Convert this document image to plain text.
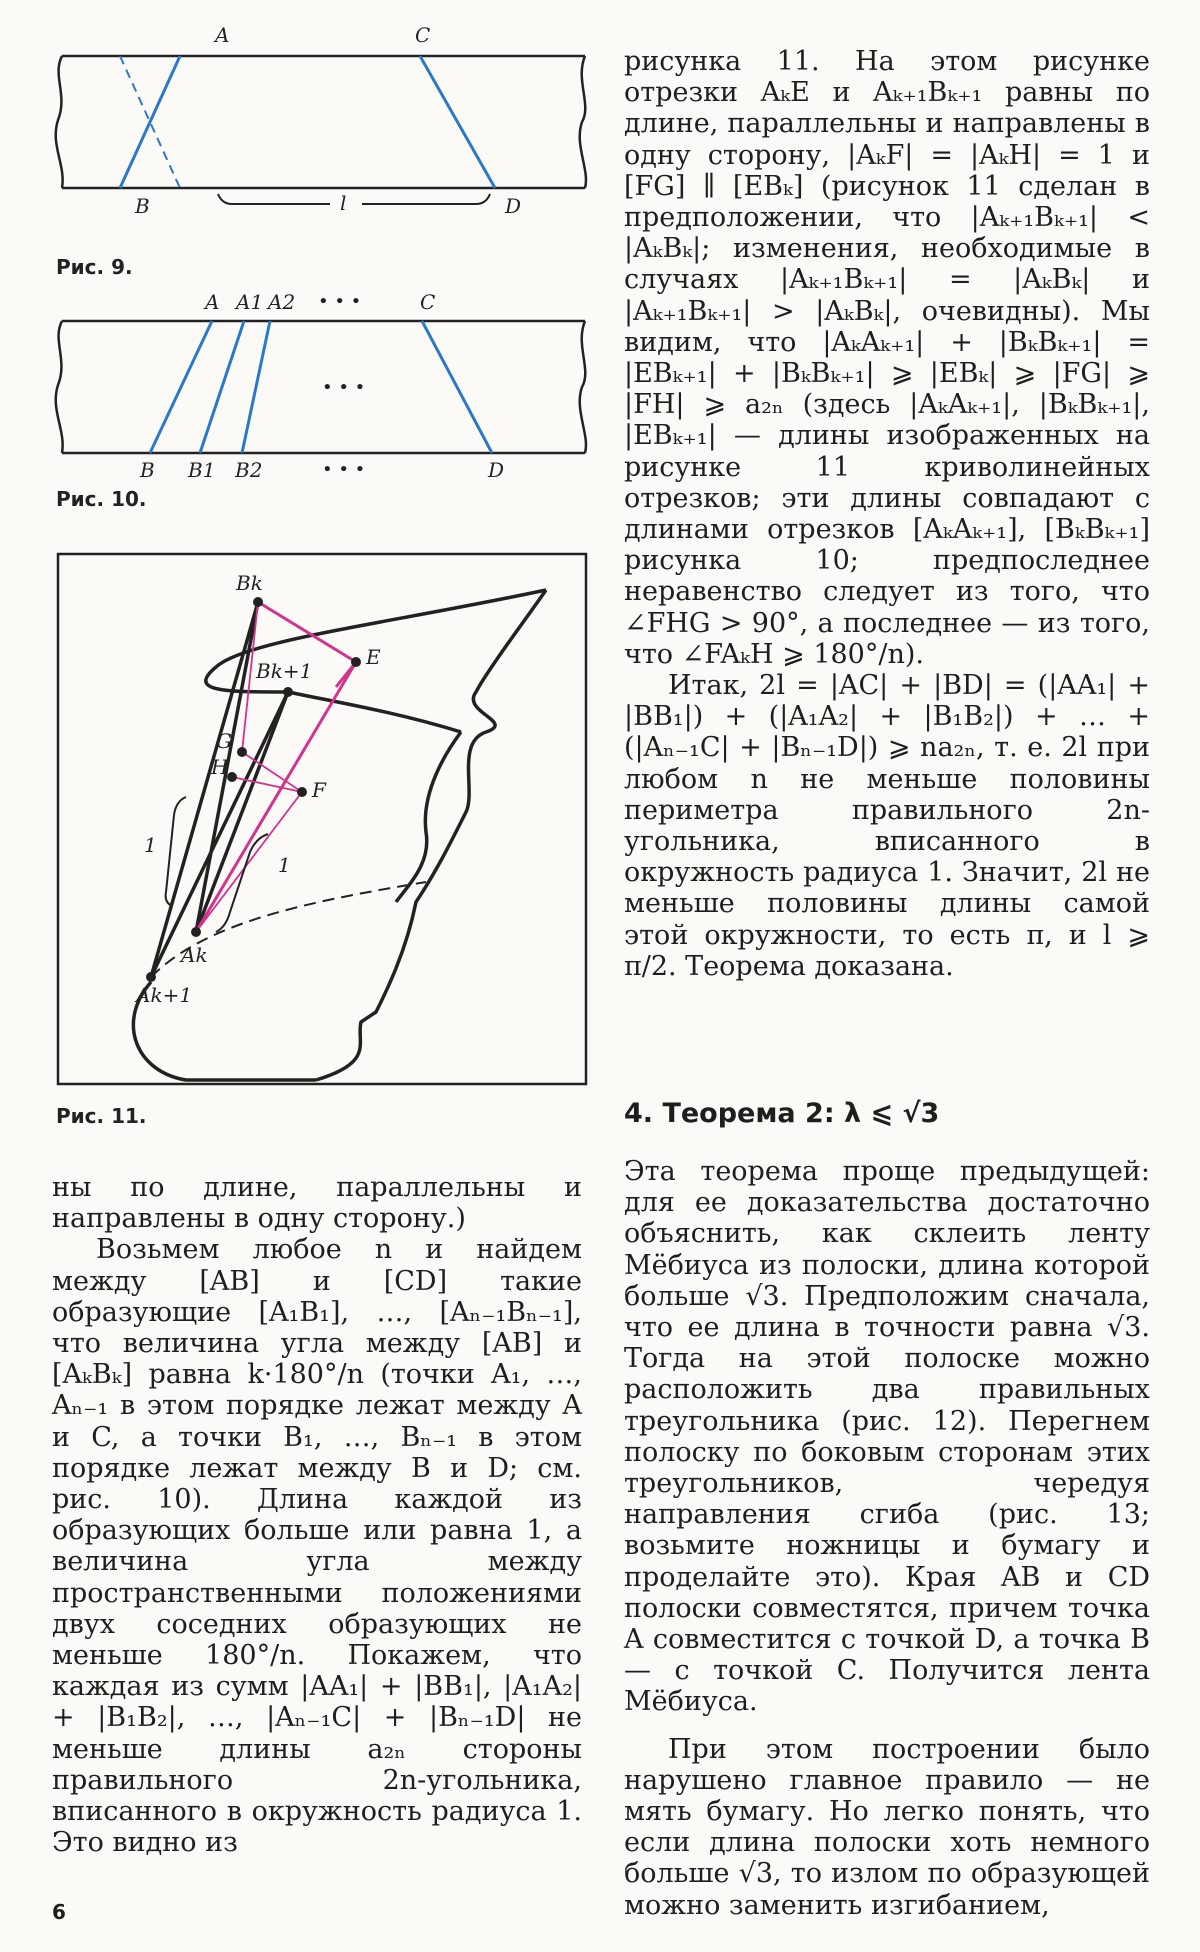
A	C
B	D
l
Рис. 9.
A A1 A2 • • •
• • •
• • •
C
B B1 B2	D
Рис. 10.
Bk
Bk+1
E
G
H
F
1
1
Ak
Ak+1
Рис. 11.

ны по длине, параллельны и направлены в одну сторону.)

Возьмем любое n и найдем между [AB] и [CD] такие образующие [A₁B₁], …, [Aₙ₋₁Bₙ₋₁], что величина угла между [AB] и [AₖBₖ] равна k·180°/n (точки A₁, …, Aₙ₋₁ в этом порядке лежат между A и C, а точки B₁, …, Bₙ₋₁ в этом порядке лежат между B и D; см. рис. 10). Длина каждой из образующих больше или равна 1, а величина угла между пространственными положениями двух соседних образующих не меньше 180°/n. Покажем, что каждая из сумм |AA₁| + |BB₁|, |A₁A₂| + |B₁B₂|, …, |Aₙ₋₁C| + |Bₙ₋₁D| не меньше длины a₂ₙ стороны правильного 2n-угольника, вписанного в окружность радиуса 1. Это видно из

рисунка 11. На этом рисунке отрезки AₖE и Aₖ₊₁Bₖ₊₁ равны по длине, параллельны и направлены в одну сторону, |AₖF| = |AₖH| = 1 и [FG] ∥ [EBₖ] (рисунок 11 сделан в предположении, что |Aₖ₊₁Bₖ₊₁| < |AₖBₖ|; изменения, необходимые в случаях |Aₖ₊₁Bₖ₊₁| = |AₖBₖ| и |Aₖ₊₁Bₖ₊₁| > |AₖBₖ|, очевидны). Мы видим, что |AₖAₖ₊₁| + |BₖBₖ₊₁| = |EBₖ₊₁| + |BₖBₖ₊₁| ⩾ |EBₖ| ⩾ |FG| ⩾ |FH| ⩾ a₂ₙ (здесь |AₖAₖ₊₁|, |BₖBₖ₊₁|, |EBₖ₊₁| — длины изображенных на рисунке 11 криволинейных отрезков; эти длины совпадают с длинами отрезков [AₖAₖ₊₁], [BₖBₖ₊₁] рисунка 10; предпоследнее неравенство следует из того, что ∠FHG > 90°, а последнее — из того, что ∠FAₖH ⩾ 180°/n).

Итак, 2l = |AC| + |BD| = (|AA₁| + |BB₁|) + (|A₁A₂| + |B₁B₂|) + … + (|Aₙ₋₁C| + |Bₙ₋₁D|) ⩾ na₂ₙ, т. е. 2l при любом n не меньше половины периметра правильного 2n-угольника, вписанного в окружность радиуса 1. Значит, 2l не меньше половины длины самой этой окружности, то есть π, и l ⩾ π/2. Теорема доказана.

4. Теорема 2: λ ⩽ √3

Эта теорема проще предыдущей: для ее доказательства достаточно объяснить, как склеить ленту Мёбиуса из полоски, длина которой больше √3. Предположим сначала, что ее длина в точности равна √3. Тогда на этой полоске можно расположить два правильных треугольника (рис. 12). Перегнем полоску по боковым сторонам этих треугольников, чередуя направления сгиба (рис. 13; возьмите ножницы и бумагу и проделайте это). Края AB и CD полоски совместятся, причем точка A совместится с точкой D, а точка B — с точкой C. Получится лента Мёбиуса.

При этом построении было нарушено главное правило — не мять бумагу. Но легко понять, что если длина полоски хоть немного больше √3, то излом по образующей можно заменить изгибанием,

6
